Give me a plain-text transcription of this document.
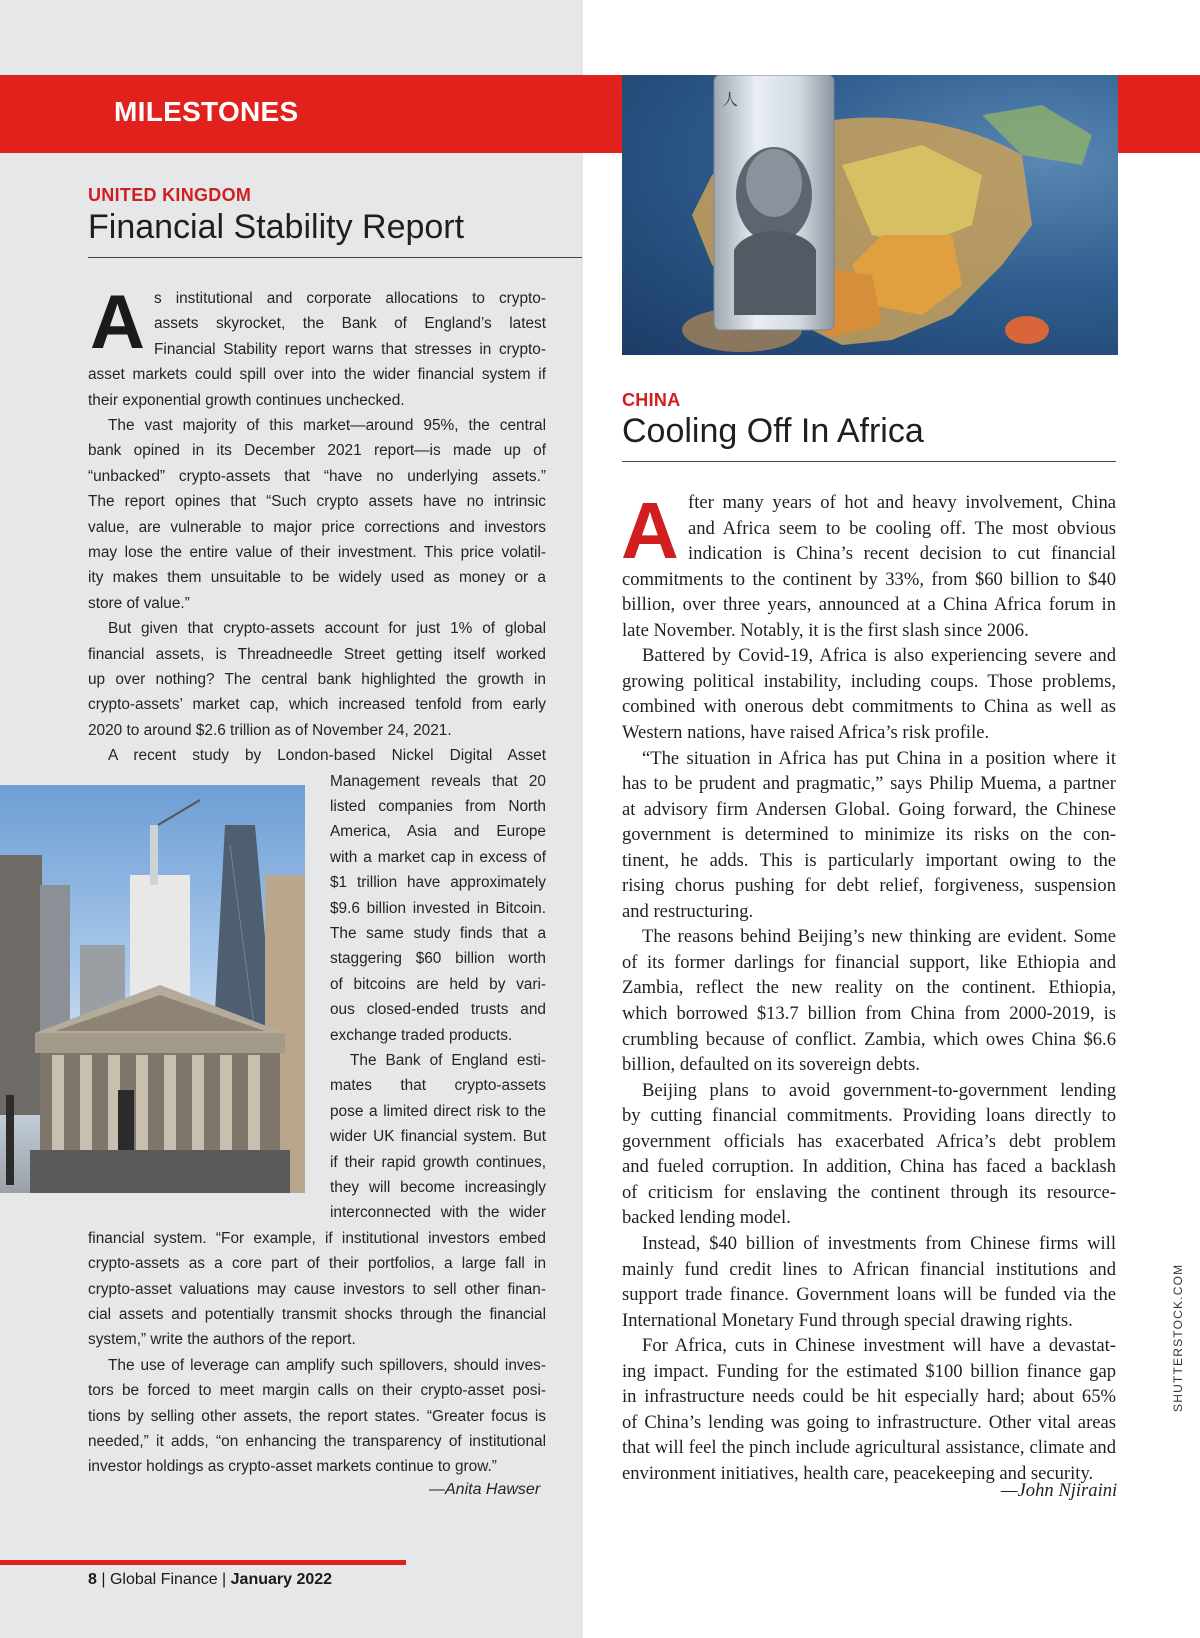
MILESTONES	人
UNITED KINGDOM
Financial Stability Report
A s institutional and corporate allocations to crypto-
assets skyrocket, the Bank of England’s latest
Financial Stability report warns that stresses in crypto-
asset markets could spill over into the wider financial system if
their exponential growth continues unchecked.
The vast majority of this market—around 95%, the central
bank opined in its December 2021 report—is made up of
“unbacked” crypto-assets that “have no underlying assets.”
The report opines that “Such crypto assets have no intrinsic
value, are vulnerable to major price corrections and investors
may lose the entire value of their investment. This price volatil-
ity makes them unsuitable to be widely used as money or a
store of value.”
But given that crypto-assets account for just 1% of global
financial assets, is Threadneedle Street getting itself worked
up over nothing? The central bank highlighted the growth in
crypto-assets’ market cap, which increased tenfold from early
2020 to around $2.6 trillion as of November 24, 2021.
A recent study by London-based Nickel Digital Asset
Management reveals that 20
listed companies from North
America, Asia and Europe
with a market cap in excess of
$1 trillion have approximately
$9.6 billion invested in Bitcoin.
The same study finds that a
staggering $60 billion worth
of bitcoins are held by vari-
ous closed-ended trusts and
exchange traded products.
The Bank of England esti-
mates that crypto-assets
pose a limited direct risk to the
wider UK financial system. But
if their rapid growth continues,
they will become increasingly
interconnected with the wider
financial system. “For example, if institutional investors embed
crypto-assets as a core part of their portfolios, a large fall in
crypto-asset valuations may cause investors to sell other finan-
cial assets and potentially transmit shocks through the financial
system,” write the authors of the report.
The use of leverage can amplify such spillovers, should inves-
tors be forced to meet margin calls on their crypto-asset posi-
tions by selling other assets, the report states. “Greater focus is
needed,” it adds, “on enhancing the transparency of institutional
investor holdings as crypto-asset markets continue to grow.”
—Anita Hawser
CHINA
Cooling Off In Africa
A fter many years of hot and heavy involvement, China
and Africa seem to be cooling off. The most obvious
indication is China’s recent decision to cut financial
commitments to the continent by 33%, from $60 billion to $40
billion, over three years, announced at a China Africa forum in
late November. Notably, it is the first slash since 2006.
Battered by Covid-19, Africa is also experiencing severe and
growing political instability, including coups. Those problems,
combined with onerous debt commitments to China as well as
Western nations, have raised Africa’s risk profile.
“The situation in Africa has put China in a position where it
has to be prudent and pragmatic,” says Philip Muema, a partner
at advisory firm Andersen Global. Going forward, the Chinese
government is determined to minimize its risks on the con-
tinent, he adds. This is particularly important owing to the
rising chorus pushing for debt relief, forgiveness, suspension
and restructuring.
The reasons behind Beijing’s new thinking are evident. Some
of its former darlings for financial support, like Ethiopia and
Zambia, reflect the new reality on the continent. Ethiopia,
which borrowed $13.7 billion from China from 2000-2019, is
crumbling because of conflict. Zambia, which owes China $6.6
billion, defaulted on its sovereign debts.
Beijing plans to avoid government-to-government lending
by cutting financial commitments. Providing loans directly to
government officials has exacerbated Africa’s debt problem
and fueled corruption. In addition, China has faced a backlash
of criticism for enslaving the continent through its resource-
backed lending model.
Instead, $40 billion of investments from Chinese firms will
mainly fund credit lines to African financial institutions and
support trade finance. Government loans will be funded via the
International Monetary Fund through special drawing rights.
For Africa, cuts in Chinese investment will have a devastat-
ing impact. Funding for the estimated $100 billion finance gap
in infrastructure needs could be hit especially hard; about 65%
of China’s lending was going to infrastructure. Other vital areas
that will feel the pinch include agricultural assistance, climate and
environment initiatives, health care, peacekeeping and security.
—John Njiraini
SHUTTERSTOCK.COM
8 | Global Finance | January 2022
